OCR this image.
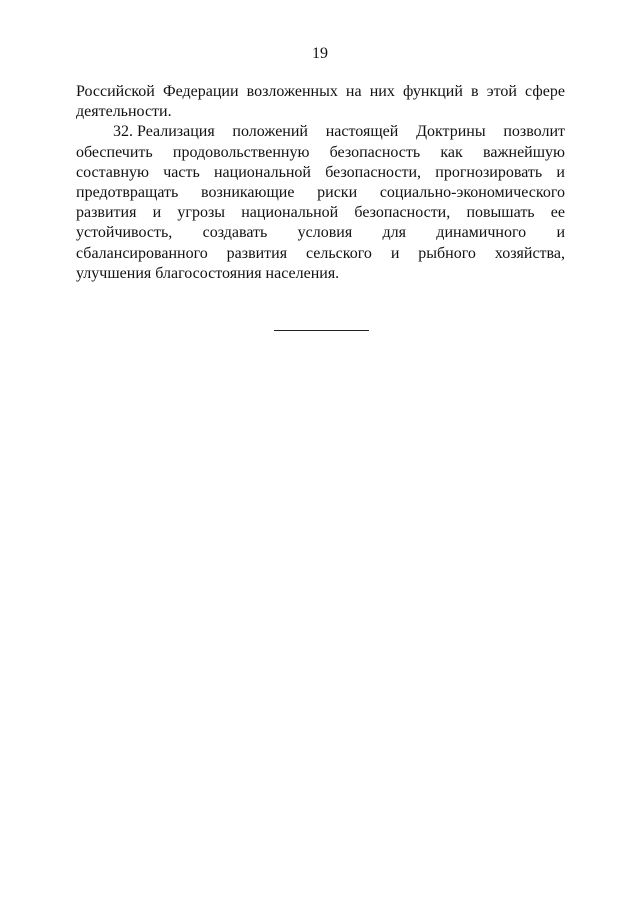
19
Российской Федерации возложенных на них функций в этой сфере
деятельности.
32. Реализация положений настоящей Доктрины позволит
обеспечить продовольственную безопасность как важнейшую
составную часть национальной безопасности, прогнозировать и
предотвращать возникающие риски социально-экономического
развития и угрозы национальной безопасности, повышать ее
устойчивость, создавать условия для динамичного и
сбалансированного развития сельского и рыбного хозяйства,
улучшения благосостояния населения.
